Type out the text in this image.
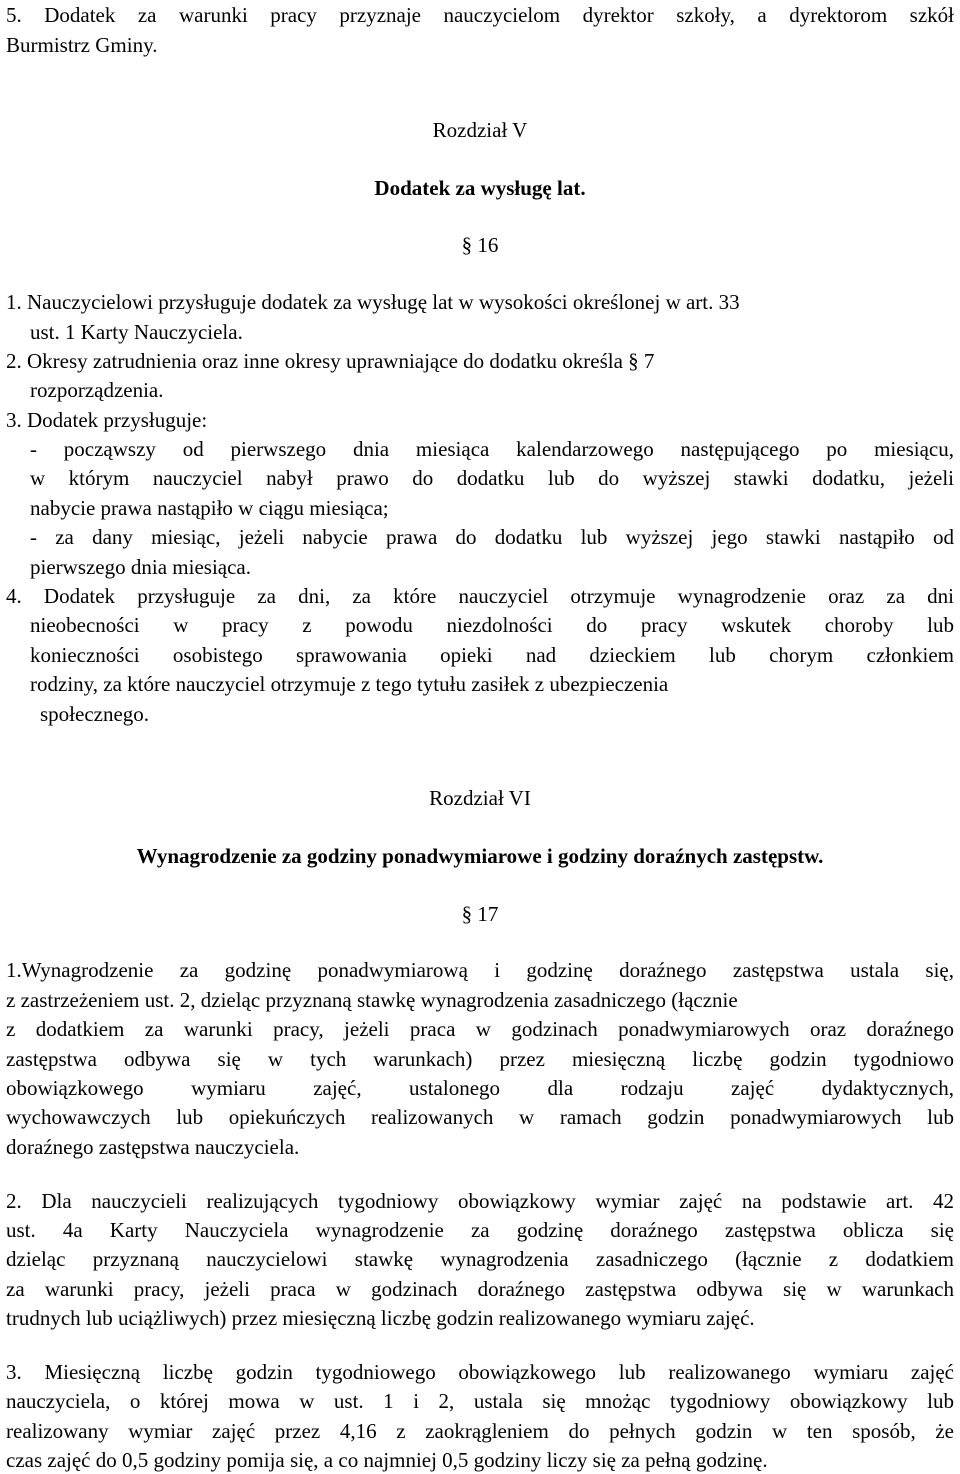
5. Dodatek za warunki pracy przyznaje nauczycielom dyrektor szkoły, a dyrektorom szkół
Burmistrz Gminy.
Rozdział V
Dodatek za wysługę lat.
§ 16
1. Nauczycielowi przysługuje dodatek za wysługę lat w wysokości określonej w art. 33
ust. 1 Karty Nauczyciela.
2. Okresy zatrudnienia oraz inne okresy uprawniające do dodatku określa § 7
rozporządzenia.
3. Dodatek przysługuje:
- począwszy od pierwszego dnia miesiąca kalendarzowego następującego po miesiącu,
w którym nauczyciel nabył prawo do dodatku lub do wyższej stawki dodatku, jeżeli
nabycie prawa nastąpiło w ciągu miesiąca;
- za dany miesiąc, jeżeli nabycie prawa do dodatku lub wyższej jego stawki nastąpiło od
pierwszego dnia miesiąca.
4. Dodatek przysługuje za dni, za które nauczyciel otrzymuje wynagrodzenie oraz za dni
nieobecności w pracy z powodu niezdolności do pracy wskutek choroby lub
konieczności osobistego sprawowania opieki nad dzieckiem lub chorym członkiem
rodziny, za które nauczyciel otrzymuje z tego tytułu zasiłek z ubezpieczenia
społecznego.
Rozdział VI
Wynagrodzenie za godziny ponadwymiarowe i godziny doraźnych zastępstw.
§ 17
1.Wynagrodzenie za godzinę ponadwymiarową i godzinę doraźnego zastępstwa ustala się,
z zastrzeżeniem ust. 2, dzieląc przyznaną stawkę wynagrodzenia zasadniczego (łącznie
z dodatkiem za warunki pracy, jeżeli praca w godzinach ponadwymiarowych oraz doraźnego
zastępstwa odbywa się w tych warunkach) przez miesięczną liczbę godzin tygodniowo
obowiązkowego wymiaru zajęć, ustalonego dla rodzaju zajęć dydaktycznych,
wychowawczych lub opiekuńczych realizowanych w ramach godzin ponadwymiarowych lub
doraźnego zastępstwa nauczyciela.
2. Dla nauczycieli realizujących tygodniowy obowiązkowy wymiar zajęć na podstawie art. 42
ust. 4a Karty Nauczyciela wynagrodzenie za godzinę doraźnego zastępstwa oblicza się
dzieląc przyznaną nauczycielowi stawkę wynagrodzenia zasadniczego (łącznie z dodatkiem
za warunki pracy, jeżeli praca w godzinach doraźnego zastępstwa odbywa się w warunkach
trudnych lub uciążliwych) przez miesięczną liczbę godzin realizowanego wymiaru zajęć.
3. Miesięczną liczbę godzin tygodniowego obowiązkowego lub realizowanego wymiaru zajęć
nauczyciela, o której mowa w ust. 1 i 2, ustala się mnożąc tygodniowy obowiązkowy lub
realizowany wymiar zajęć przez 4,16 z zaokrągleniem do pełnych godzin w ten sposób, że
czas zajęć do 0,5 godziny pomija się, a co najmniej 0,5 godziny liczy się za pełną godzinę.
